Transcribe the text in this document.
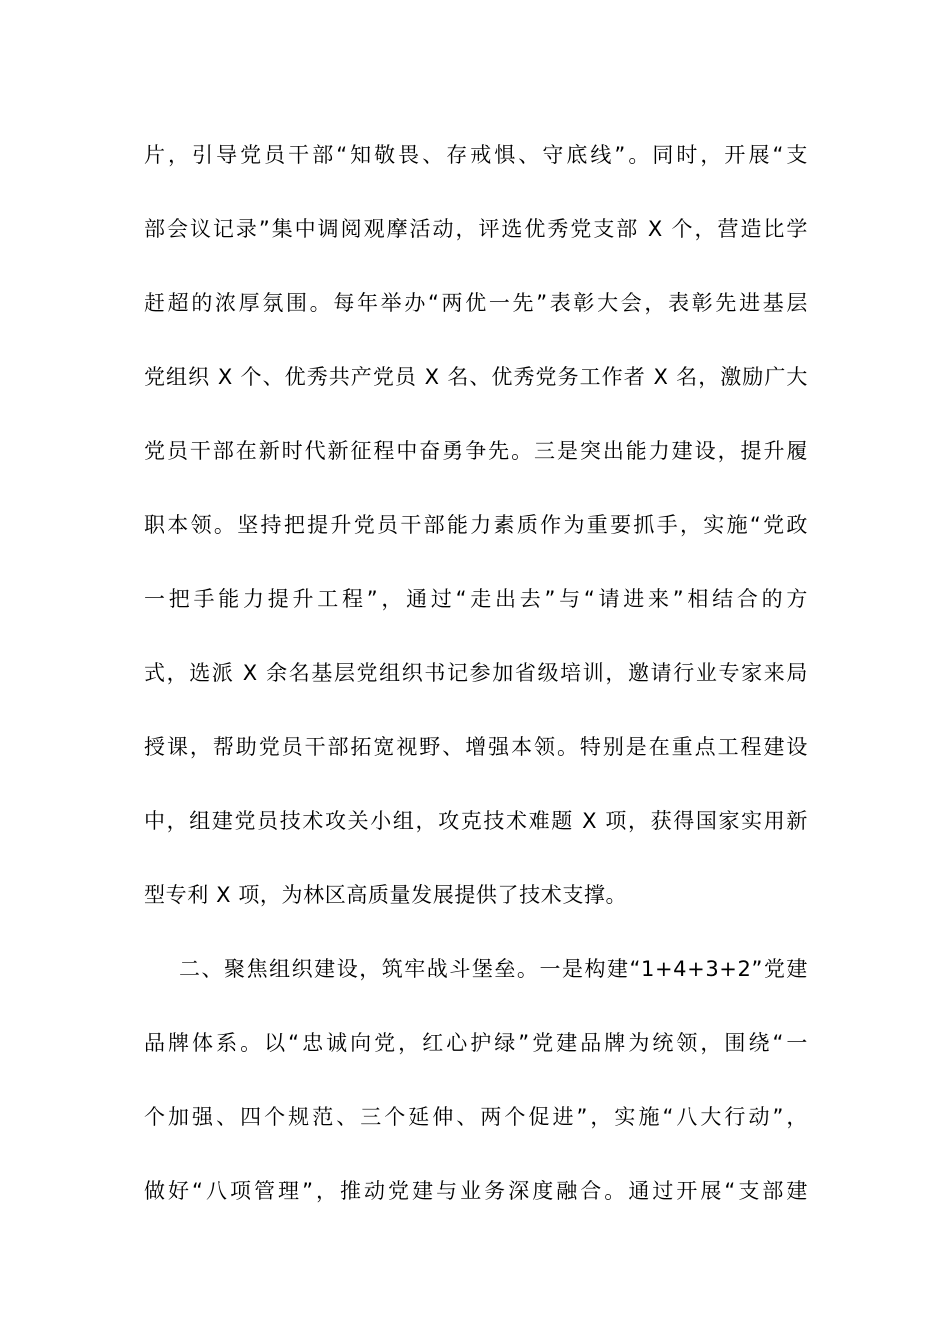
片，引导党员干部“知敬畏、存戒惧、守底线”。同时，开展“支
部会议记录”集中调阅观摩活动，评选优秀党支部 X 个，营造比学
赶超的浓厚氛围。每年举办“两优一先”表彰大会，表彰先进基层
党组织 X 个、优秀共产党员 X 名、优秀党务工作者 X 名，激励广大
党员干部在新时代新征程中奋勇争先。三是突出能力建设，提升履
职本领。坚持把提升党员干部能力素质作为重要抓手，实施“党政
一把手能力提升工程”，通过“走出去”与“请进来”相结合的方
式，选派 X 余名基层党组织书记参加省级培训，邀请行业专家来局
授课，帮助党员干部拓宽视野、增强本领。特别是在重点工程建设
中，组建党员技术攻关小组，攻克技术难题 X 项，获得国家实用新
型专利 X 项，为林区高质量发展提供了技术支撑。
二、聚焦组织建设，筑牢战斗堡垒。一是构建“1+4+3+2”党建
品牌体系。以“忠诚向党，红心护绿”党建品牌为统领，围绕“一
个加强、四个规范、三个延伸、两个促进”，实施“八大行动”，
做好“八项管理”，推动党建与业务深度融合。通过开展“支部建
